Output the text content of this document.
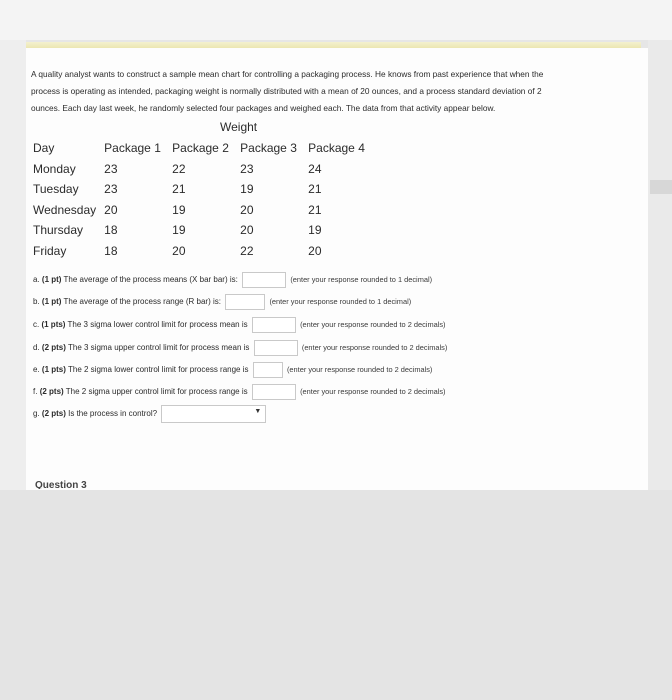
A quality analyst wants to construct a sample mean chart for controlling a packaging process. He knows from past experience that when the
process is operating as intended, packaging weight is normally distributed with a mean of 20 ounces, and a process standard deviation of 2
ounces. Each day last week, he randomly selected four packages and weighed each. The data from that activity appear below.
Weight
Day	Package 1	Package 2	Package 3	Package 4
Monday	23	22	23	24
Tuesday	23	21	19	21
Wednesday	20	19	20	21
Thursday	18	19	20	19
Friday	18	20	22	20
a. (1 pt) The average of the process means (X bar bar) is:	(enter your response rounded to 1 decimal)
b. (1 pt) The average of the process range (R bar) is:	(enter your response rounded to 1 decimal)
c. (1 pts) The 3 sigma lower control limit for process mean is	(enter your response rounded to 2 decimals)
d. (2 pts) The 3 sigma upper control limit for process mean is	(enter your response rounded to 2 decimals)
e. (1 pts) The 2 sigma lower control limit for process range is	(enter your response rounded to 2 decimals)
f. (2 pts) The 2 sigma upper control limit for process range is	(enter your response rounded to 2 decimals)
g. (2 pts) Is the process in control?	▼
Question 3
